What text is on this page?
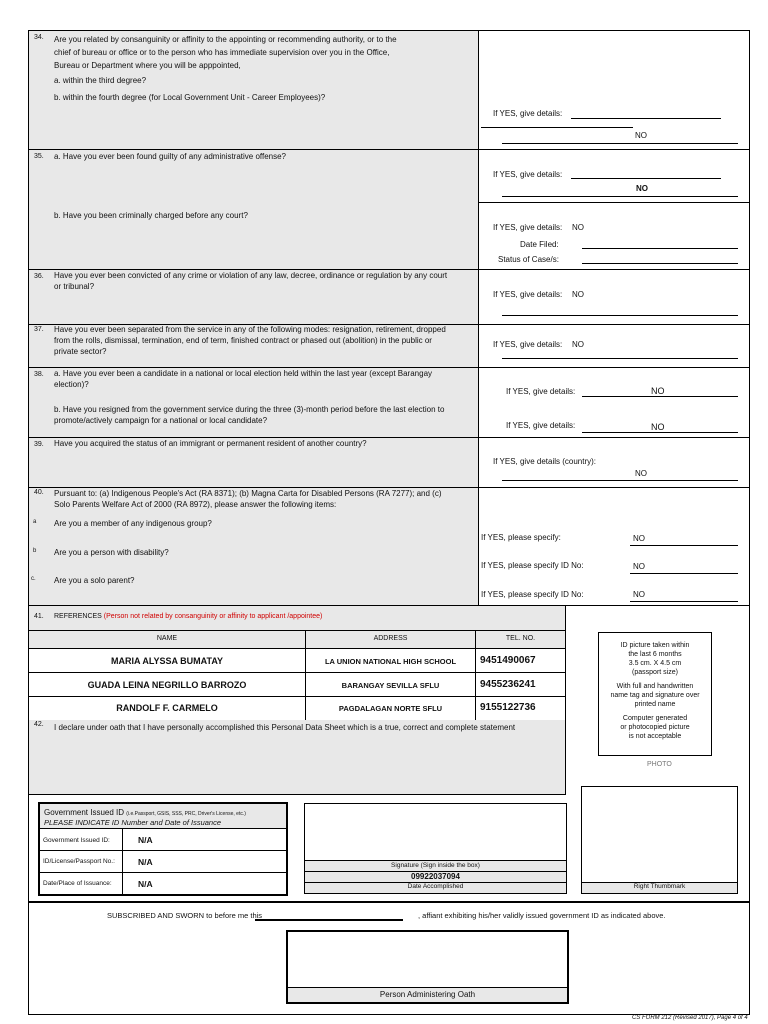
34. Are you related by consanguinity or affinity to the appointing or recommending authority, or to the
chief of bureau or office or to the person who has immediate supervision over you in the Office,
Bureau or Department where you will be apppointed,
a. within the third degree?
b. within the fourth degree (for Local Government Unit - Career Employees)?
If YES, give details:
NO
35. a. Have you ever been found guilty of any administrative offense?
b. Have you been criminally charged before any court?
If YES, give details:
NO
If YES, give details: NO
Date Filed:
Status of Case/s:
36. Have you ever been convicted of any crime or violation of any law, decree, ordinance or regulation by any court
or tribunal?
If YES, give details: NO
37. Have you ever been separated from the service in any of the following modes: resignation, retirement, dropped
from the rolls, dismissal, termination, end of term, finished contract or phased out (abolition) in the public or
private sector?
If YES, give details: NO
38. a. Have you ever been a candidate in a national or local election held within the last year (except Barangay
election)?
b. Have you resigned from the government service during the three (3)-month period before the last election to
promote/actively campaign for a national or local candidate?
If YES, give details:	NO
If YES, give details:	NO
39. Have you acquired the status of an immigrant or permanent resident of another country?
If YES, give details (country):
NO
40. Pursuant to: (a) Indigenous People's Act (RA 8371); (b) Magna Carta for Disabled Persons (RA 7277); and (c)
Solo Parents Welfare Act of 2000 (RA 8972), please answer the following items:
a Are you a member of any indigenous group?
b Are you a person with disability?
c. Are you a solo parent?
If YES, please specify:	NO
If YES, please specify ID No:	NO
If YES, please specify ID No:	NO
41. REFERENCES (Person not related by consanguinity or affinity to applicant /appointee)
NAME	ADDRESS	TEL. NO.
MARIA ALYSSA BUMATAY	LA UNION NATIONAL HIGH SCHOOL	9451490067
GUADA LEINA NEGRILLO BARROZO	BARANGAY SEVILLA SFLU	9455236241
RANDOLF F. CARMELO	PAGDALAGAN NORTE SFLU	9155122736
42. I declare under oath that I have personally accomplished this Personal Data Sheet which is a true, correct and complete statement
ID picture taken within
the last 6 months
3.5 cm. X 4.5 cm
(passport size)
With full and handwritten
name tag and signature over
printed name
Computer generated
or photocopied picture
is not acceptable
PHOTO
Government Issued ID (i.e.Passport, GSIS, SSS, PRC, Driver's License, etc.)
PLEASE INDICATE ID Number and Date of Issuance
Government Issued ID:	N/A
ID/License/Passport No.:	N/A
Date/Place of Issuance:	N/A
Signature (Sign inside the box)
09922037094
Date Accomplished	Right Thumbmark
SUBSCRIBED AND SWORN to before me this	, affiant exhibiting his/her validly issued government ID as indicated above.
Person Administering Oath
CS FORM 212 (Revised 2017), Page 4 of 4
